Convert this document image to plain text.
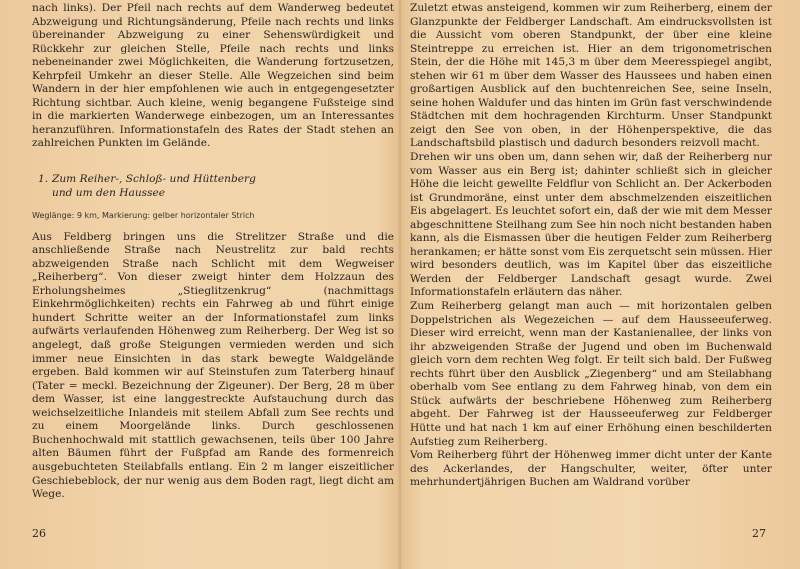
nach links). Der Pfeil nach rechts auf dem Wanderweg bedeutet Abzweigung und Richtungsänderung, Pfeile nach rechts und links übereinander Abzweigung zu einer Sehenswürdigkeit und Rückkehr zur gleichen Stelle, Pfeile nach rechts und links nebeneinander zwei Möglichkeiten, die Wanderung fortzusetzen, Kehrpfeil Umkehr an dieser Stelle. Alle Wegzeichen sind beim Wandern in der hier empfohlenen wie auch in entgegengesetzter Richtung sichtbar. Auch kleine, wenig begangene Fußsteige sind in die markierten Wanderwege einbezogen, um an Interessantes heranzuführen. Informationstafeln des Rates der Stadt stehen an zahlreichen Punkten im Gelände.

1. Zum Reiher-, Schloß- und Hüttenberg
und um den Haussee

Weglänge: 9 km, Markierung: gelber horizontaler Strich

Aus Feldberg bringen uns die Strelitzer Straße und die anschließende Straße nach Neustrelitz zur bald rechts abzweigenden Straße nach Schlicht mit dem Wegweiser „Reiherberg“. Von dieser zweigt hinter dem Holzzaun des Erholungsheimes „Stieglitzenkrug“ (nachmittags Einkehrmöglichkeiten) rechts ein Fahrweg ab und führt einige hundert Schritte weiter an der Informationstafel zum links aufwärts verlaufenden Höhenweg zum Reiherberg. Der Weg ist so angelegt, daß große Steigungen vermieden werden und sich immer neue Einsichten in das stark bewegte Waldgelände ergeben. Bald kommen wir auf Steinstufen zum Taterberg hinauf (Tater = meckl. Bezeichnung der Zigeuner). Der Berg, 28 m über dem Wasser, ist eine langgestreckte Aufstauchung durch das weichselzeitliche Inlandeis mit steilem Abfall zum See rechts und zu einem Moorgelände links. Durch geschlossenen Buchenhochwald mit stattlich gewachsenen, teils über 100 Jahre alten Bäumen führt der Fußpfad am Rande des formenreich ausgebuchteten Steilabfalls entlang. Ein 2 m langer eiszeitlicher Geschiebeblock, der nur wenig aus dem Boden ragt, liegt dicht am Wege.

26

Zuletzt etwas ansteigend, kommen wir zum Reiherberg, einem der Glanzpunkte der Feldberger Landschaft. Am eindrucksvollsten ist die Aussicht vom oberen Standpunkt, der über eine kleine Steintreppe zu erreichen ist. Hier an dem trigonometrischen Stein, der die Höhe mit 145,3 m über dem Meeresspiegel angibt, stehen wir 61 m über dem Wasser des Haussees und haben einen großartigen Ausblick auf den buchtenreichen See, seine Inseln, seine hohen Waldufer und das hinten im Grün fast verschwindende Städtchen mit dem hochragenden Kirchturm. Unser Standpunkt zeigt den See von oben, in der Höhenperspektive, die das Landschaftsbild plastisch und dadurch besonders reizvoll macht.

Drehen wir uns oben um, dann sehen wir, daß der Reiherberg nur vom Wasser aus ein Berg ist; dahinter schließt sich in gleicher Höhe die leicht gewellte Feldflur von Schlicht an. Der Ackerboden ist Grundmoräne, einst unter dem abschmelzenden eiszeitlichen Eis abgelagert. Es leuchtet sofort ein, daß der wie mit dem Messer abgeschnittene Steilhang zum See hin noch nicht bestanden haben kann, als die Eismassen über die heutigen Felder zum Reiherberg herankamen; er hätte sonst vom Eis zerquetscht sein müssen. Hier wird besonders deutlich, was im Kapitel über das eiszeitliche Werden der Feldberger Landschaft gesagt wurde. Zwei Informationstafeln erläutern das näher.

Zum Reiherberg gelangt man auch — mit horizontalen gelben Doppelstrichen als Wegezeichen — auf dem Hausseeuferweg. Dieser wird erreicht, wenn man der Kastanienallee, der links von ihr abzweigenden Straße der Jugend und oben im Buchenwald gleich vorn dem rechten Weg folgt. Er teilt sich bald. Der Fußweg rechts führt über den Ausblick „Ziegenberg“ und am Steilabhang oberhalb vom See entlang zu dem Fahrweg hinab, von dem ein Stück aufwärts der beschriebene Höhenweg zum Reiherberg abgeht. Der Fahrweg ist der Hausseeuferweg zur Feldberger Hütte und hat nach 1 km auf einer Erhöhung einen beschilderten Aufstieg zum Reiherberg.

Vom Reiherberg führt der Höhenweg immer dicht unter der Kante des Ackerlandes, der Hangschulter, weiter, öfter unter mehrhundertjährigen Buchen am Waldrand vorüber

27
